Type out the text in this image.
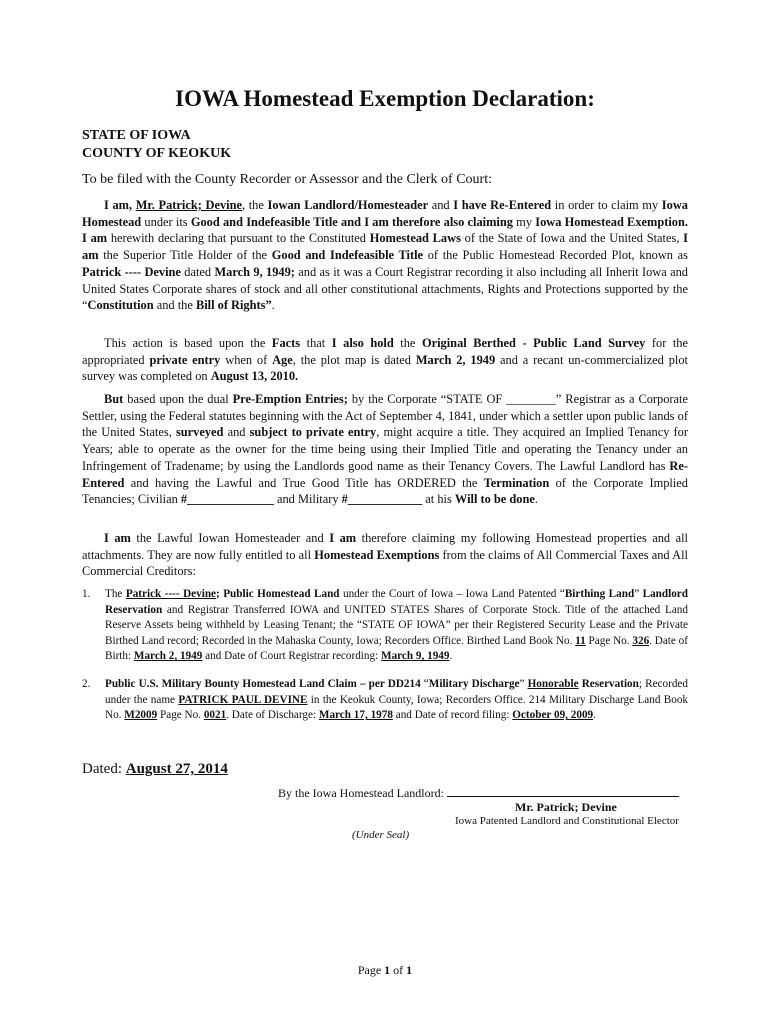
IOWA Homestead Exemption Declaration:
STATE OF IOWA
COUNTY OF KEOKUK
To be filed with the County Recorder or Assessor and the Clerk of Court:

I am, Mr. Patrick; Devine, the Iowan Landlord/Homesteader and I have Re-Entered in order to claim my Iowa Homestead under its Good and Indefeasible Title and I am therefore also claiming my Iowa Homestead Exemption. I am herewith declaring that pursuant to the Constituted Homestead Laws of the State of Iowa and the United States, I am the Superior Title Holder of the Good and Indefeasible Title of the Public Homestead Recorded Plot, known as Patrick ---- Devine dated March 9, 1949; and as it was a Court Registrar recording it also including all Inherit Iowa and United States Corporate shares of stock and all other constitutional attachments, Rights and Protections supported by the “Constitution and the Bill of Rights”.

This action is based upon the Facts that I also hold the Original Berthed - Public Land Survey for the appropriated private entry when of Age, the plot map is dated March 2, 1949 and a recant un-commercialized plot survey was completed on August 13, 2010.

But based upon the dual Pre-Emption Entries; by the Corporate “STATE OF ________” Registrar as a Corporate Settler, using the Federal statutes beginning with the Act of September 4, 1841, under which a settler upon public lands of the United States, surveyed and subject to private entry, might acquire a title. They acquired an Implied Tenancy for Years; able to operate as the owner for the time being using their Implied Title and operating the Tenancy under an Infringement of Tradename; by using the Landlords good name as their Tenancy Covers. The Lawful Landlord has Re-Entered and having the Lawful and True Good Title has ORDERED the Termination of the Corporate Implied Tenancies; Civilian #______________ and Military #____________ at his Will to be done.

I am the Lawful Iowan Homesteader and I am therefore claiming my following Homestead properties and all attachments. They are now fully entitled to all Homestead Exemptions from the claims of All Commercial Taxes and All Commercial Creditors:

1. The Patrick ---- Devine; Public Homestead Land under the Court of Iowa – Iowa Land Patented “Birthing Land” Landlord Reservation and Registrar Transferred IOWA and UNITED STATES Shares of Corporate Stock. Title of the attached Land Reserve Assets being withheld by Leasing Tenant; the “STATE OF IOWA” per their Registered Security Lease and the Private Birthed Land record; Recorded in the Mahaska County, Iowa; Recorders Office. Birthed Land Book No. 11 Page No. 326. Date of Birth: March 2, 1949 and Date of Court Registrar recording: March 9, 1949.
2. Public U.S. Military Bounty Homestead Land Claim – per DD214 “Military Discharge” Honorable Reservation; Recorded under the name PATRICK PAUL DEVINE in the Keokuk County, Iowa; Recorders Office. 214 Military Discharge Land Book No. M2009 Page No. 0021. Date of Discharge: March 17, 1978 and Date of record filing: October 09, 2009.
Dated: August 27, 2014
By the Iowa Homestead Landlord:
Mr. Patrick; Devine
Iowa Patented Landlord and Constitutional Elector
(Under Seal)
Page 1 of 1
